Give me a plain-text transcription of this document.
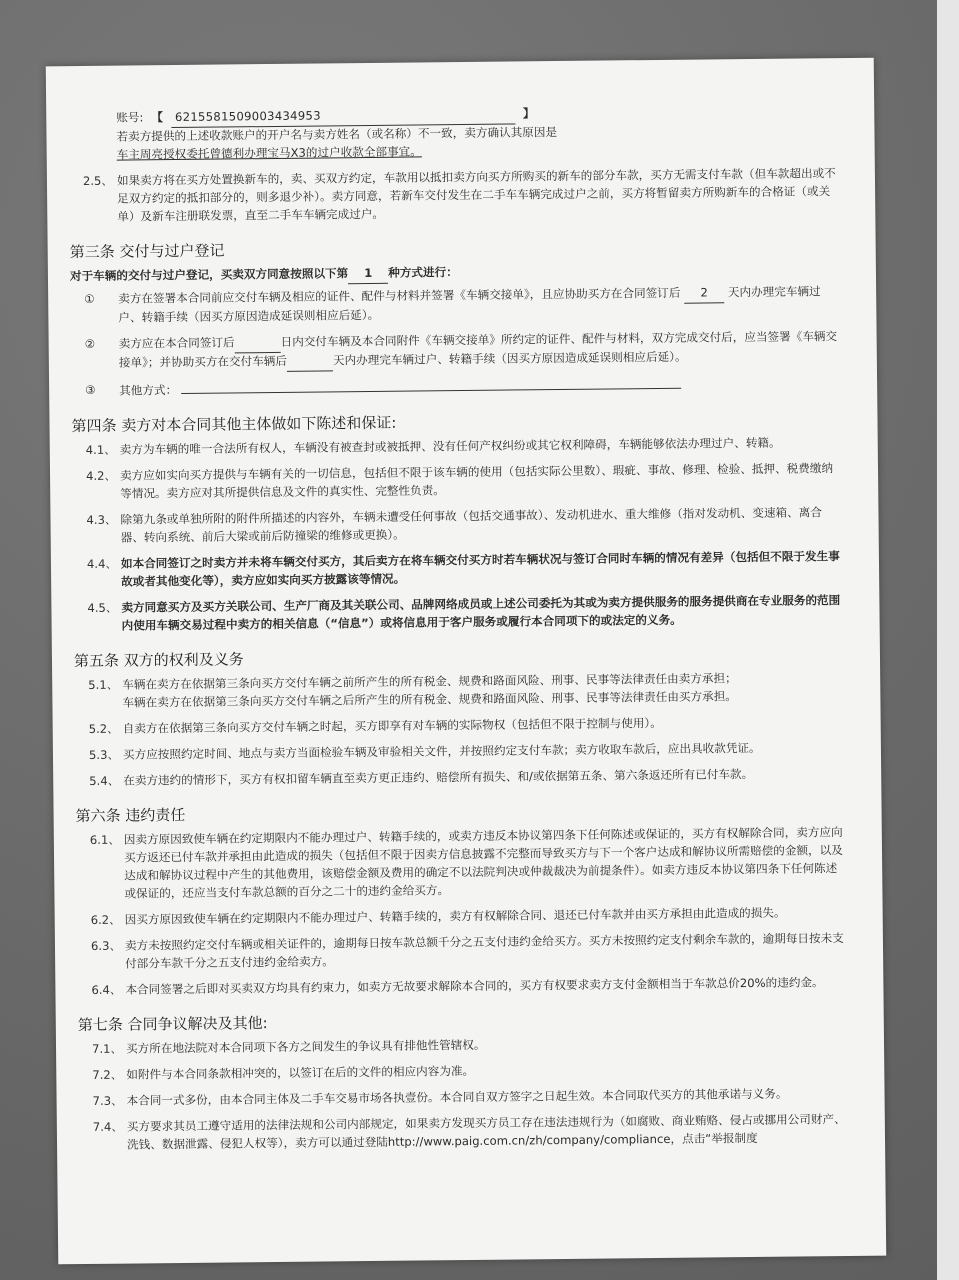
账号: 【	6215581509003434953	】
若卖方提供的上述收款账户的开户名与卖方姓名（或名称）不一致，卖方确认其原因是
车主周亮授权委托曾德利办理宝马X3的过户收款全部事宜。
2.5、 如果卖方将在买方处置换新车的，卖、买双方约定，车款用以抵扣卖方向买方所购买的新车的部分车款，买方无需支付车款（但车款超出或不足双方约定的抵扣部分的，则多退少补）。卖方同意，若新车交付发生在二手车车辆完成过户之前，买方将暂留卖方所购新车的合格证（或关单）及新车注册联发票，直至二手车车辆完成过户。
第三条 交付与过户登记
对于车辆的交付与过户登记，买卖双方同意按照以下第 1 种方式进行：
①	卖方在签署本合同前应交付车辆及相应的证件、配件与材料并签署《车辆交接单》，且应协助买方在合同签订后 2 天内办理完车辆过户、转籍手续（因买方原因造成延误则相应后延）。
②	卖方应在本合同签订后	日内交付车辆及本合同附件《车辆交接单》所约定的证件、配件与材料，双方完成交付后，应当签署《车辆交接单》；并协助买方在交付车辆后	天内办理完车辆过户、转籍手续（因买方原因造成延误则相应后延）。
③	其他方式：
第四条 卖方对本合同其他主体做如下陈述和保证:
4.1、 卖方为车辆的唯一合法所有权人，车辆没有被查封或被抵押、没有任何产权纠纷或其它权利障碍，车辆能够依法办理过户、转籍。
4.2、 卖方应如实向买方提供与车辆有关的一切信息，包括但不限于该车辆的使用（包括实际公里数）、瑕疵、事故、修理、检验、抵押、税费缴纳等情况。卖方应对其所提供信息及文件的真实性、完整性负责。
4.3、 除第九条或单独所附的附件所描述的内容外，车辆未遭受任何事故（包括交通事故）、发动机进水、重大维修（指对发动机、变速箱、离合器、转向系统、前后大梁或前后防撞梁的维修或更换）。
4.4、 如本合同签订之时卖方并未将车辆交付买方，其后卖方在将车辆交付买方时若车辆状况与签订合同时车辆的情况有差异（包括但不限于发生事故或者其他变化等），卖方应如实向买方披露该等情况。
4.5、 卖方同意买方及买方关联公司、生产厂商及其关联公司、品牌网络成员或上述公司委托为其或为卖方提供服务的服务提供商在专业服务的范围内使用车辆交易过程中卖方的相关信息（“信息”）或将信息用于客户服务或履行本合同项下的或法定的义务。
第五条 双方的权利及义务
5.1、 车辆在卖方在依据第三条向买方交付车辆之前所产生的所有税金、规费和路面风险、刑事、民事等法律责任由卖方承担；
车辆在卖方在依据第三条向买方交付车辆之后所产生的所有税金、规费和路面风险、刑事、民事等法律责任由买方承担。
5.2、 自卖方在依据第三条向买方交付车辆之时起，买方即享有对车辆的实际物权（包括但不限于控制与使用）。
5.3、 买方应按照约定时间、地点与卖方当面检验车辆及审验相关文件，并按照约定支付车款；卖方收取车款后，应出具收款凭证。
5.4、 在卖方违约的情形下，买方有权扣留车辆直至卖方更正违约、赔偿所有损失、和/或依据第五条、第六条返还所有已付车款。
第六条 违约责任
6.1、 因卖方原因致使车辆在约定期限内不能办理过户、转籍手续的，或卖方违反本协议第四条下任何陈述或保证的，买方有权解除合同，卖方应向买方返还已付车款并承担由此造成的损失（包括但不限于因卖方信息披露不完整而导致买方与下一个客户达成和解协议所需赔偿的金额，以及达成和解协议过程中产生的其他费用，该赔偿金额及费用的确定不以法院判决或仲裁裁决为前提条件）。如卖方违反本协议第四条下任何陈述或保证的，还应当支付车款总额的百分之二十的违约金给买方。
6.2、 因买方原因致使车辆在约定期限内不能办理过户、转籍手续的，卖方有权解除合同、退还已付车款并由买方承担由此造成的损失。
6.3、 卖方未按照约定交付车辆或相关证件的，逾期每日按车款总额千分之五支付违约金给买方。买方未按照约定支付剩余车款的，逾期每日按未支付部分车款千分之五支付违约金给卖方。
6.4、 本合同签署之后即对买卖双方均具有约束力，如卖方无故要求解除本合同的，买方有权要求卖方支付金额相当于车款总价20%的违约金。
第七条 合同争议解决及其他:
7.1、 买方所在地法院对本合同项下各方之间发生的争议具有排他性管辖权。
7.2、 如附件与本合同条款相冲突的，以签订在后的文件的相应内容为准。
7.3、 本合同一式多份，由本合同主体及二手车交易市场各执壹份。本合同自双方签字之日起生效。本合同取代买方的其他承诺与义务。
7.4、 买方要求其员工遵守适用的法律法规和公司内部规定，如果卖方发现买方员工存在违法违规行为（如腐败、商业贿赂、侵占或挪用公司财产、洗钱、数据泄露、侵犯人权等），卖方可以通过登陆http://www.paig.com.cn/zh/company/compliance，点击“举报制度
